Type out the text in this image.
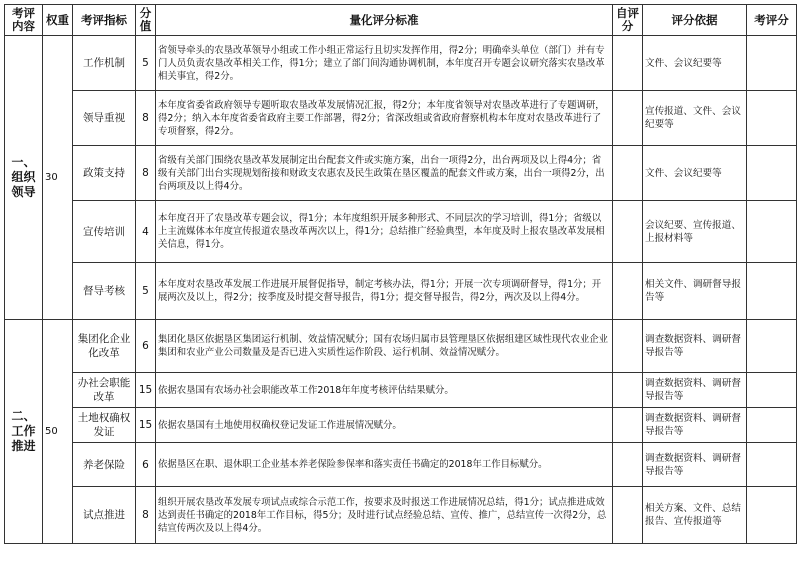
考评内容	权重	考评指标	分值	量化评分标准	自评分	评分依据	考评分
一、组织领导	30	工作机制	5	省领导牵头的农垦改革领导小组或工作小组正常运行且切实发挥作用，得2分；明确牵头单位（部门）并有专门人员负责农垦改革相关工作，得1分；建立了部门间沟通协调机制，本年度召开专题会议研究落实农垦改革相关事宜，得2分。		文件、会议纪要等	
		领导重视	8	本年度省委省政府领导专题听取农垦改革发展情况汇报，得2分；本年度省领导对农垦改革进行了专题调研，得2分；纳入本年度省委省政府主要工作部署，得2分；省深改组或省政府督察机构本年度对农垦改革进行了专项督察，得2分。		宣传报道、文件、会议纪要等	
		政策支持	8	省级有关部门围绕农垦改革发展制定出台配套文件或实施方案，出台一项得2分，出台两项及以上得4分；省级有关部门出台实现规划衔接和财政支农惠农及民生政策在垦区覆盖的配套文件或方案，出台一项得2分，出台两项及以上得4分。		文件、会议纪要等	
		宣传培训	4	本年度召开了农垦改革专题会议，得1分；本年度组织开展多种形式、不同层次的学习培训，得1分；省级以上主流媒体本年度宣传报道农垦改革两次以上，得1分；总结推广经验典型，本年度及时上报农垦改革发展相关信息，得1分。		会议纪要、宣传报道、上报材料等	
		督导考核	5	本年度对农垦改革发展工作进展开展督促指导，制定考核办法，得1分；开展一次专项调研督导，得1分；开展两次及以上，得2分；按季度及时提交督导报告，得1分；提交督导报告，得2分，两次及以上得4分。		相关文件、调研督导报告等	
二、工作推进	50	集团化企业化改革	6	集团化垦区依据垦区集团运行机制、效益情况赋分；国有农场归属市县管理垦区依据组建区域性现代农业企业集团和农业产业公司数量及是否已进入实质性运作阶段、运行机制、效益情况赋分。		调查数据资料、调研督导报告等	
		办社会职能改革	15	依据农垦国有农场办社会职能改革工作2018年年度考核评估结果赋分。		调查数据资料、调研督导报告等	
		土地权确权发证	15	依据农垦国有土地使用权确权登记发证工作进展情况赋分。		调查数据资料、调研督导报告等	
		养老保险	6	依据垦区在职、退休职工企业基本养老保险参保率和落实责任书确定的2018年工作目标赋分。		调查数据资料、调研督导报告等	
		试点推进	8	组织开展农垦改革发展专项试点或综合示范工作，按要求及时报送工作进展情况总结，得1分；试点推进成效达到责任书确定的2018年工作目标，得5分；及时进行试点经验总结、宣传、推广，总结宣传一次得2分，总结宣传两次及以上得4分。		相关方案、文件、总结报告、宣传报道等	
